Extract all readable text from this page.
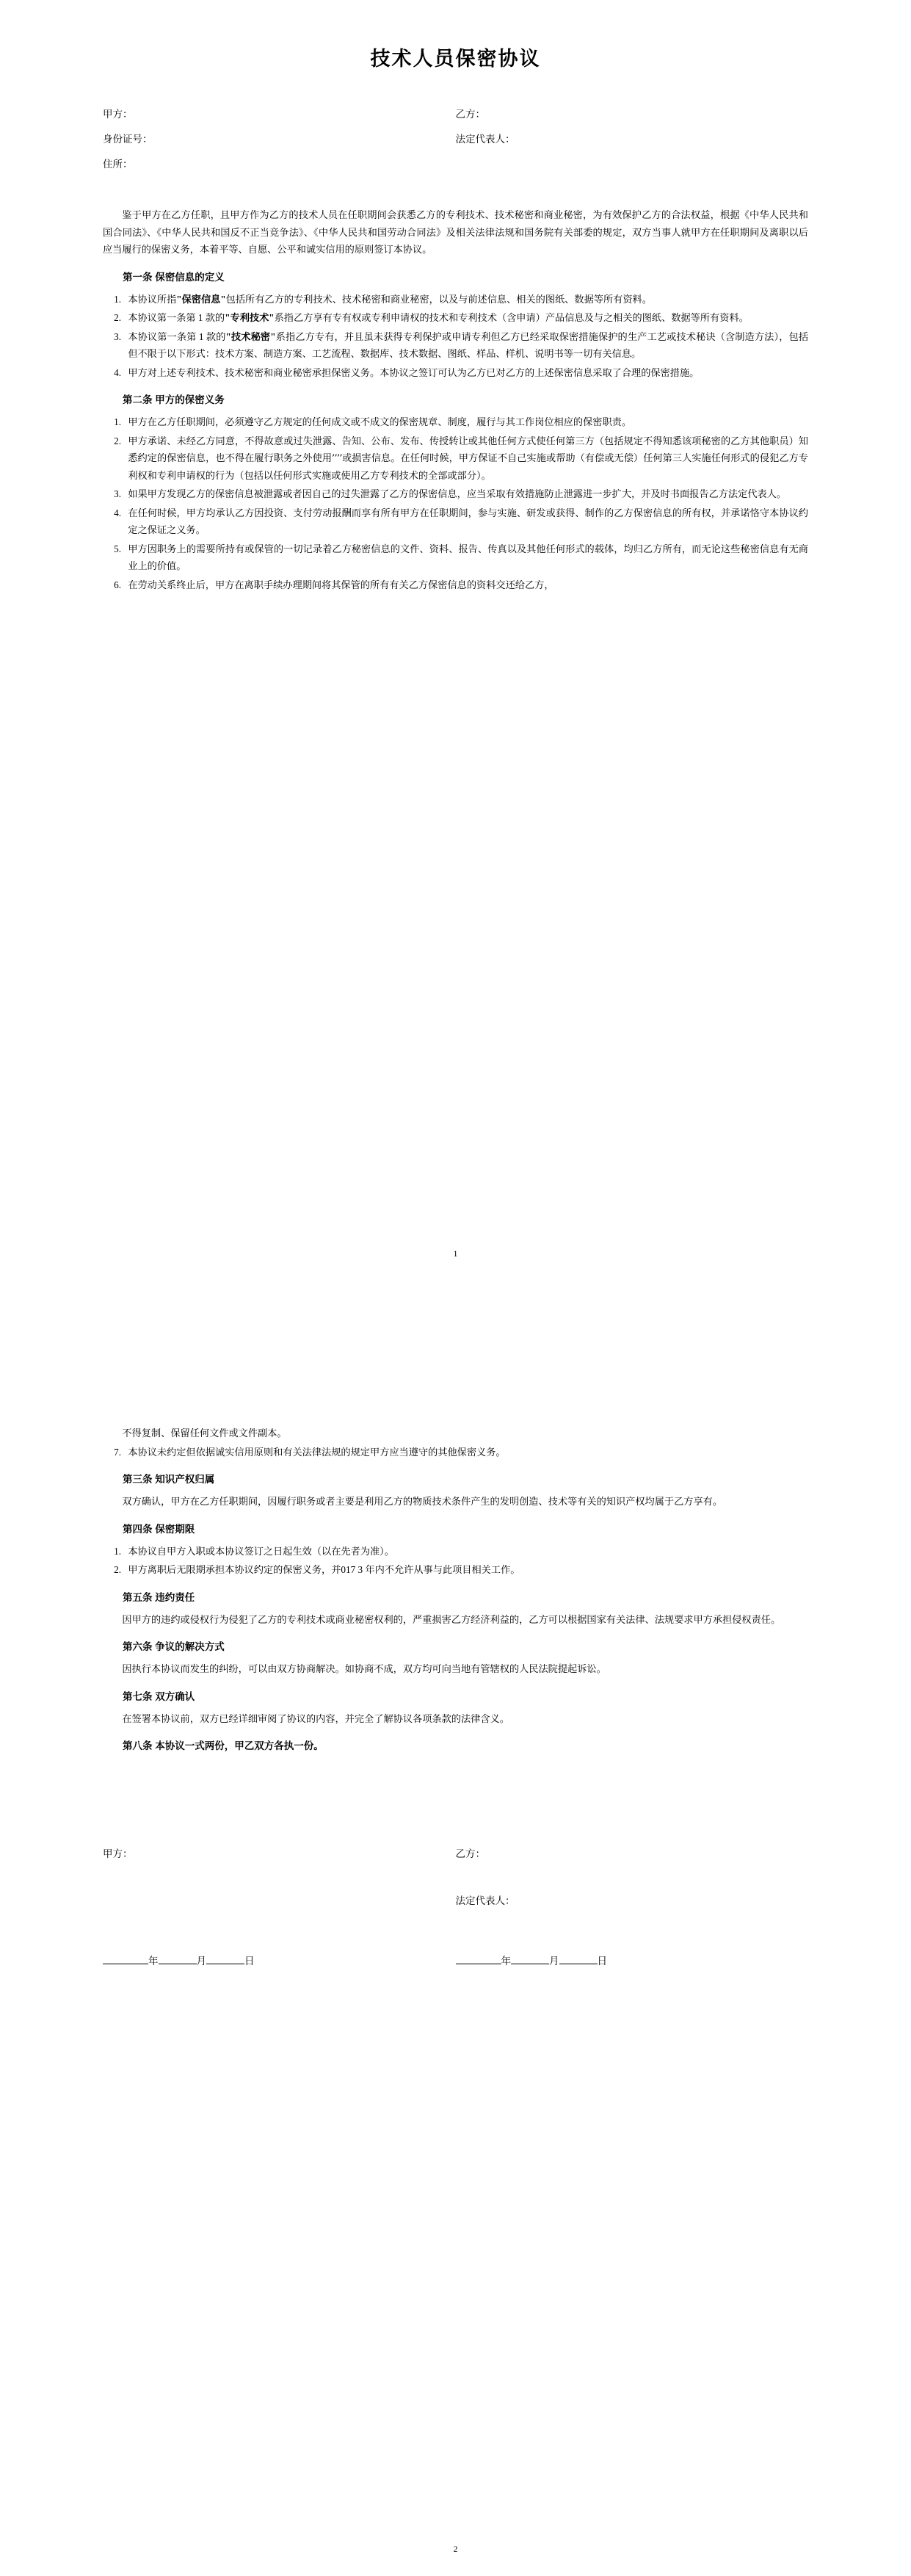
技术人员保密协议
甲方：	乙方：
身份证号：	法定代表人：
住所：

鉴于甲方在乙方任职，且甲方作为乙方的技术人员在任职期间会获悉乙方的专利技术、技术秘密和商业秘密，为有效保护乙方的合法权益，根据《中华人民共和国合同法》、《中华人民共和国反不正当竞争法》、《中华人民共和国劳动合同法》及相关法律法规和国务院有关部委的规定，双方当事人就甲方在任职期间及离职以后应当履行的保密义务，本着平等、自愿、公平和诚实信用的原则签订本协议。

第一条 保密信息的定义
1. 本协议所指"保密信息"包括所有乙方的专利技术、技术秘密和商业秘密，以及与前述信息、相关的图纸、数据等所有资料。
2. 本协议第一条第 1 款的"专利技术"系指乙方享有专有权或专利申请权的技术和专利技术（含申请）产品信息及与之相关的图纸、数据等所有资料。
3. 本协议第一条第 1 款的"技术秘密"系指乙方专有，并且虽未获得专利保护或申请专利但乙方已经采取保密措施保护的生产工艺或技术秘诀（含制造方法），包括但不限于以下形式：技术方案、制造方案、工艺流程、数据库、技术数据、图纸、样品、样机、说明书等一切有关信息。
4. 甲方对上述专利技术、技术秘密和商业秘密承担保密义务。本协议之签订可认为乙方已对乙方的上述保密信息采取了合理的保密措施。
第二条 甲方的保密义务
1. 甲方在乙方任职期间，必须遵守乙方规定的任何成文或不成文的保密规章、制度，履行与其工作岗位相应的保密职责。
2. 甲方承诺、未经乙方同意，不得故意或过失泄露、告知、公布、发布、传授转让或其他任何方式使任何第三方（包括规定不得知悉该项秘密的乙方其他职员）知悉约定的保密信息，也不得在履行职务之外使用՚՚՚՚或损害信息。在任何时候，甲方保证不自己实施或帮助（有偿或无偿）任何第三人实施任何形式的侵犯乙方专利权和专利申请权的行为（包括以任何形式实施或使用乙方专利技术的全部或部分）。
3. 如果甲方发现乙方的保密信息被泄露或者因自己的过失泄露了乙方的保密信息，应当采取有效措施防止泄露进一步扩大，并及时书面报告乙方法定代表人。
4. 在任何时候，甲方均承认乙方因投资、支付劳动报酬而享有所有甲方在任职期间，参与实施、研发或获得、制作的乙方保密信息的所有权，并承诺恪守本协议约定之保证之义务。
5. 甲方因职务上的需要所持有或保管的一切记录着乙方秘密信息的文件、资料、报告、传真以及其他任何形式的载体，均归乙方所有，而无论这些秘密信息有无商业上的价值。
6. 在劳动关系终止后，甲方在离职手续办理期间将其保管的所有有关乙方保密信息的资料交还给乙方，
1

不得复制、保留任何文件或文件副本。

7. 本协议未约定但依据诚实信用原则和有关法律法规的规定甲方应当遵守的其他保密义务。
第三条 知识产权归属

双方确认，甲方在乙方任职期间，因履行职务或者主要是利用乙方的物质技术条件产生的发明创造、技术等有关的知识产权均属于乙方享有。

第四条 保密期限
1. 本协议自甲方入职或本协议签订之日起生效（以在先者为准）。
2. 甲方离职后无限期承担本协议约定的保密义务，并017 3 年内不允许从事与此项目相关工作。
第五条 违约责任

因甲方的违约或侵权行为侵犯了乙方的专利技术或商业秘密权利的，严重损害乙方经济利益的，乙方可以根据国家有关法律、法规要求甲方承担侵权责任。

第六条 争议的解决方式

因执行本协议而发生的纠纷，可以由双方协商解决。如协商不成，双方均可向当地有管辖权的人民法院提起诉讼。

第七条 双方确认

在签署本协议前，双方已经详细审阅了协议的内容，并完全了解协议各项条款的法律含义。

第八条 本协议一式两份，甲乙双方各执一份。
甲方：	乙方：
法定代表人：
年	月	日	年	月	日
2
